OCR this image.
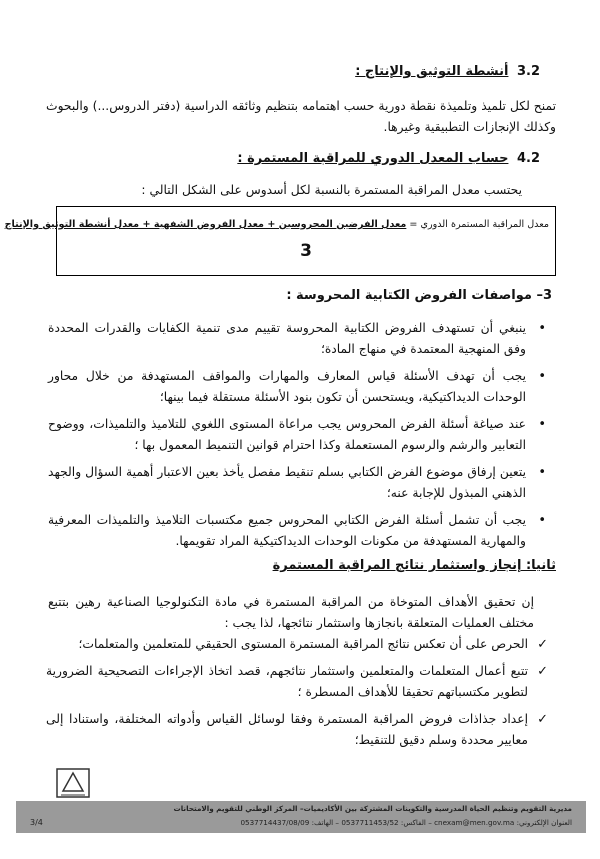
3.2 أنشطة التوثيق والإنتاج :
تمنح لكل تلميذ وتلميذة نقطة دورية حسب اهتمامه بتنظيم وثائقه الدراسية (دفتر الدروس...) والبحوث وكذلك الإنجازات التطبيقية وغيرها.
4.2 حساب المعدل الدوري للمراقبة المستمرة :
يحتسب معدل المراقبة المستمرة بالنسبة لكل أسدوس على الشكل التالي :
معدل المراقبة المستمرة الدوري = معدل الفرضين المحروسين + معدل الفروض الشفهية + معدل أنشطة التوثيق والإنتاج
3
3– مواصفات الفروض الكتابية المحروسة :
•
ينبغي أن تستهدف الفروض الكتابية المحروسة تقييم مدى تنمية الكفايات والقدرات المحددة وفق المنهجية المعتمدة في منهاج المادة؛
•
يجب أن تهدف الأسئلة قياس المعارف والمهارات والمواقف المستهدفة من خلال محاور الوحدات الديداكتيكية، ويستحسن أن تكون بنود الأسئلة مستقلة فيما بينها؛
•
عند صياغة أسئلة الفرض المحروس يجب مراعاة المستوى اللغوي للتلاميذ والتلميذات، ووضوح التعابير والرشم والرسوم المستعملة وكذا احترام قوانين التنميط المعمول بها ؛
•
يتعين إرفاق موضوع الفرض الكتابي بسلم تنقيط مفصل يأخذ بعين الاعتبار أهمية السؤال والجهد الذهني المبذول للإجابة عنه؛
•
يجب أن تشمل أسئلة الفرض الكتابي المحروس جميع مكتسبات التلاميذ والتلميذات المعرفية والمهارية المستهدفة من مكونات الوحدات الديداكتيكية المراد تقويمها.
ثانيا: إنجاز واستثمار نتائج المراقبة المستمرة
إن تحقيق الأهداف المتوخاة من المراقبة المستمرة في مادة التكنولوجيا الصناعية رهين بتتبع مختلف العمليات المتعلقة بانجازها واستثمار نتائجها، لذا يجب :
✓
الحرص على أن تعكس نتائج المراقبة المستمرة المستوى الحقيقي للمتعلمين والمتعلمات؛
✓
تتبع أعمال المتعلمات والمتعلمين واستثمار نتائجهم، قصد اتخاذ الإجراءات التصحيحية الضرورية لتطوير مكتسباتهم تحقيقا للأهداف المسطرة ؛
✓
إعداد جذاذات فروض المراقبة المستمرة وفقا لوسائل القياس وأدواته المختلفة، واستنادا إلى معايير محددة وسلم دقيق للتنقيط؛
مديرية التقويم وتنظيم الحياة المدرسية والتكوينات المشتركة بين الأكاديميات– المركز الوطني للتقويم والامتحانات
العنوان الإلكتروني: cnexam@men.gov.ma – الفاكس: 0537711453/52 – الهاتف: 0537714437/08/09
3/4
